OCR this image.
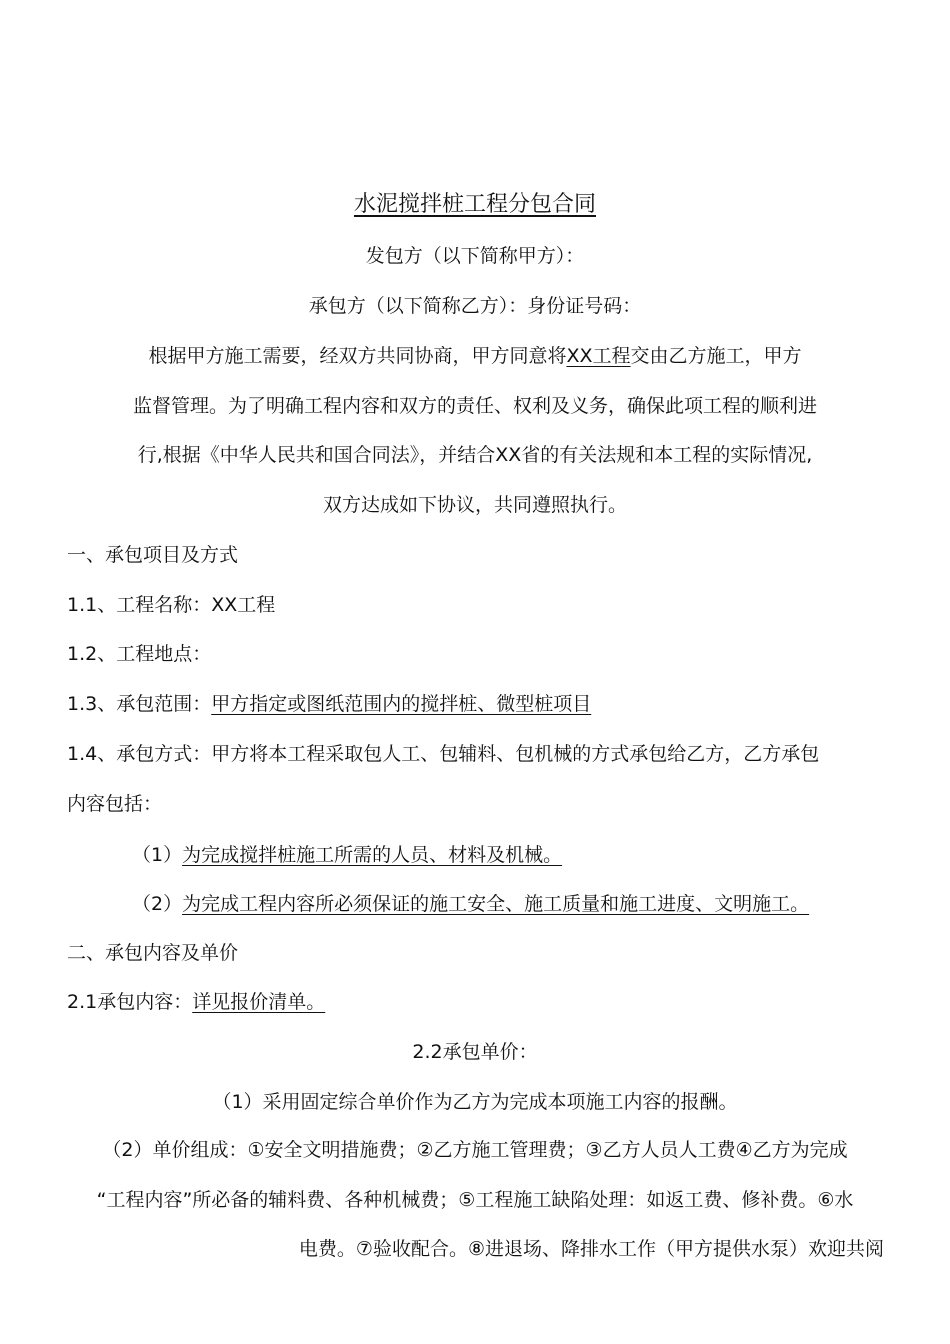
水泥搅拌桩工程分包合同
发包方（以下简称甲方）：
承包方（以下简称乙方）：身份证号码：
根据甲方施工需要，经双方共同协商，甲方同意将XX工程交由乙方施工，甲方
监督管理。为了明确工程内容和双方的责任、权利及义务，确保此项工程的顺利进
行,根据《中华人民共和国合同法》，并结合XX省的有关法规和本工程的实际情况,
双方达成如下协议，共同遵照执行。
一、承包项目及方式
1.1、工程名称：XX工程
1.2、工程地点：
1.3、承包范围：甲方指定或图纸范围内的搅拌桩、微型桩项目
1.4、承包方式：甲方将本工程采取包人工、包辅料、包机械的方式承包给乙方，乙方承包
内容包括：
（1）为完成搅拌桩施工所需的人员、材料及机械。
（2）为完成工程内容所必须保证的施工安全、施工质量和施工进度、文明施工。
二、承包内容及单价
2.1承包内容：详见报价清单。
2.2承包单价：
（1）采用固定综合单价作为乙方为完成本项施工内容的报酬。
（2）单价组成：①安全文明措施费；②乙方施工管理费；③乙方人员人工费④乙方为完成
“工程内容”所必备的辅料费、各种机械费；⑤工程施工缺陷处理：如返工费、修补费。⑥水
电费。⑦验收配合。⑧进退场、降排水工作（甲方提供水泵）欢迎共阅
